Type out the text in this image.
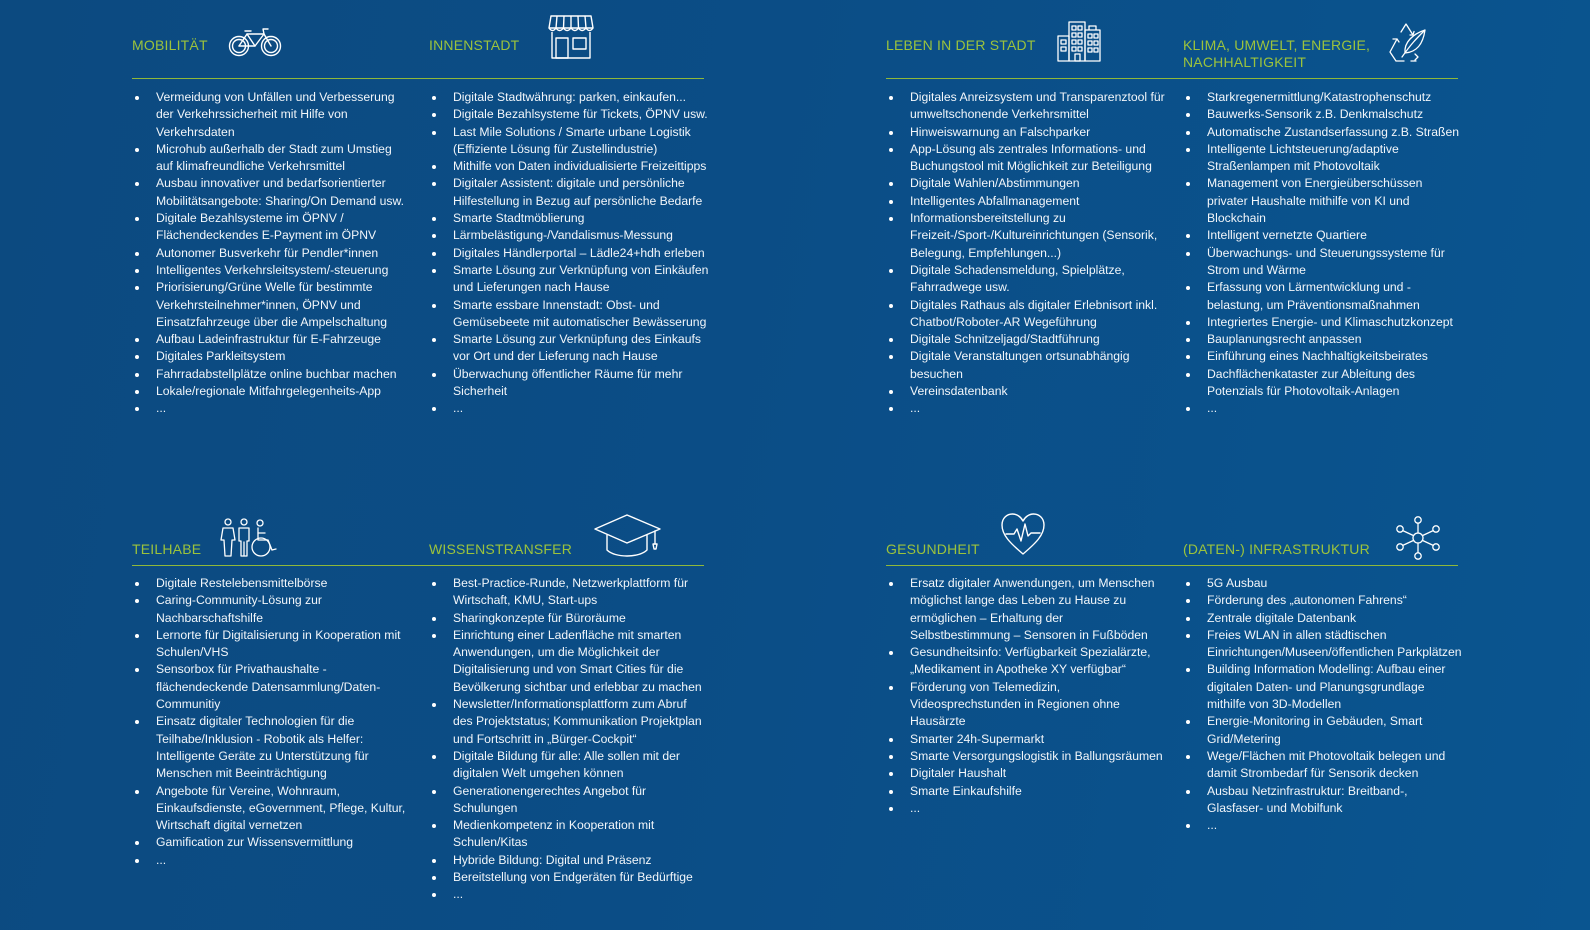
MOBILITÄT
Vermeidung von Unfällen und Verbesserung der Verkehrssicherheit mit Hilfe von Verkehrsdaten
Microhub außerhalb der Stadt zum Umstieg auf klimafreundliche Verkehrsmittel
Ausbau innovativer und bedarfsorientierter Mobilitätsangebote: Sharing/On Demand usw.
Digitale Bezahlsysteme im ÖPNV / Flächendeckendes E-Payment im ÖPNV
Autonomer Busverkehr für Pendler*innen
Intelligentes Verkehrsleitsystem/-steuerung
Priorisierung/Grüne Welle für bestimmte Verkehrsteilnehmer*innen, ÖPNV und Einsatzfahrzeuge über die Ampelschaltung
Aufbau Ladeinfrastruktur für E-Fahrzeuge
Digitales Parkleitsystem
Fahrradabstellplätze online buchbar machen
Lokale/regionale Mitfahrgelegenheits-App
...
INNENSTADT
Digitale Stadtwährung: parken, einkaufen...
Digitale Bezahlsysteme für Tickets, ÖPNV usw.
Last Mile Solutions / Smarte urbane Logistik (Effiziente Lösung für Zustellindustrie)
Mithilfe von Daten individualisierte Freizeittipps
Digitaler Assistent: digitale und persönliche Hilfestellung in Bezug auf persönliche Bedarfe
Smarte Stadtmöblierung
Lärmbelästigung-/Vandalismus-Messung
Digitales Händlerportal – Lädle24+hdh erleben
Smarte Lösung zur Verknüpfung von Einkäufen und Lieferungen nach Hause
Smarte essbare Innenstadt: Obst- und Gemüsebeete mit automatischer Bewässerung
Smarte Lösung zur Verknüpfung des Einkaufs vor Ort und der Lieferung nach Hause
Überwachung öffentlicher Räume für mehr Sicherheit
...
LEBEN IN DER STADT
Digitales Anreizsystem und Transparenztool für umweltschonende Verkehrsmittel
Hinweiswarnung an Falschparker
App-Lösung als zentrales Informations- und Buchungstool mit Möglichkeit zur Beteiligung
Digitale Wahlen/Abstimmungen
Intelligentes Abfallmanagement
Informationsbereitstellung zu Freizeit-/Sport-/Kultureinrichtungen (Sensorik, Belegung, Empfehlungen...)
Digitale Schadensmeldung, Spielplätze, Fahrradwege usw.
Digitales Rathaus als digitaler Erlebnisort inkl. Chatbot/Roboter-AR Wegeführung
Digitale Schnitzeljagd/Stadtführung
Digitale Veranstaltungen ortsunabhängig besuchen
Vereinsdatenbank
...
KLIMA, UMWELT, ENERGIE,
NACHHALTIGKEIT
Starkregenermittlung/Katastrophenschutz
Bauwerks-Sensorik z.B. Denkmalschutz
Automatische Zustandserfassung z.B. Straßen
Intelligente Lichtsteuerung/adaptive Straßenlampen mit Photovoltaik
Management von Energieüberschüssen privater Haushalte mithilfe von KI und Blockchain
Intelligent vernetzte Quartiere
Überwachungs- und Steuerungssysteme für Strom und Wärme
Erfassung von Lärmentwicklung und -belastung, um Präventionsmaßnahmen
Integriertes Energie- und Klimaschutzkonzept
Bauplanungsrecht anpassen
Einführung eines Nachhaltigkeitsbeirates
Dachflächenkataster zur Ableitung des Potenzials für Photovoltaik-Anlagen
...
TEILHABE
Digitale Restelebensmittelbörse
Caring-Community-Lösung zur Nachbarschaftshilfe
Lernorte für Digitalisierung in Kooperation mit Schulen/VHS
Sensorbox für Privathaushalte - flächendeckende Datensammlung/Daten-Communitiy
Einsatz digitaler Technologien für die Teilhabe/Inklusion - Robotik als Helfer: Intelligente Geräte zu Unterstützung für Menschen mit Beeinträchtigung
Angebote für Vereine, Wohnraum, Einkaufsdienste, eGovernment, Pflege, Kultur, Wirtschaft digital vernetzen
Gamification zur Wissensvermittlung
...
WISSENSTRANSFER
Best-Practice-Runde, Netzwerkplattform für Wirtschaft, KMU, Start-ups
Sharingkonzepte für Büroräume
Einrichtung einer Ladenfläche mit smarten Anwendungen, um die Möglichkeit der Digitalisierung und von Smart Cities für die Bevölkerung sichtbar und erlebbar zu machen
Newsletter/Informationsplattform zum Abruf des Projektstatus; Kommunikation Projektplan und Fortschritt in „Bürger-Cockpit“
Digitale Bildung für alle: Alle sollen mit der digitalen Welt umgehen können
Generationengerechtes Angebot für Schulungen
Medienkompetenz in Kooperation mit Schulen/Kitas
Hybride Bildung: Digital und Präsenz
Bereitstellung von Endgeräten für Bedürftige
...
GESUNDHEIT
Ersatz digitaler Anwendungen, um Menschen möglichst lange das Leben zu Hause zu ermöglichen – Erhaltung der Selbstbestimmung – Sensoren in Fußböden
Gesundheitsinfo: Verfügbarkeit Spezialärzte, „Medikament in Apotheke XY verfügbar“
Förderung von Telemedizin, Videosprechstunden in Regionen ohne Hausärzte
Smarter 24h-Supermarkt
Smarte Versorgungslogistik in Ballungsräumen
Digitaler Haushalt
Smarte Einkaufshilfe
...
(DATEN-) INFRASTRUKTUR
5G Ausbau
Förderung des „autonomen Fahrens“
Zentrale digitale Datenbank
Freies WLAN in allen städtischen Einrichtungen/Museen/öffentlichen Parkplätzen
Building Information Modelling: Aufbau einer digitalen Daten- und Planungsgrundlage mithilfe von 3D-Modellen
Energie-Monitoring in Gebäuden, Smart Grid/Metering
Wege/Flächen mit Photovoltaik belegen und damit Strombedarf für Sensorik decken
Ausbau Netzinfrastruktur: Breitband-, Glasfaser- und Mobilfunk
...
